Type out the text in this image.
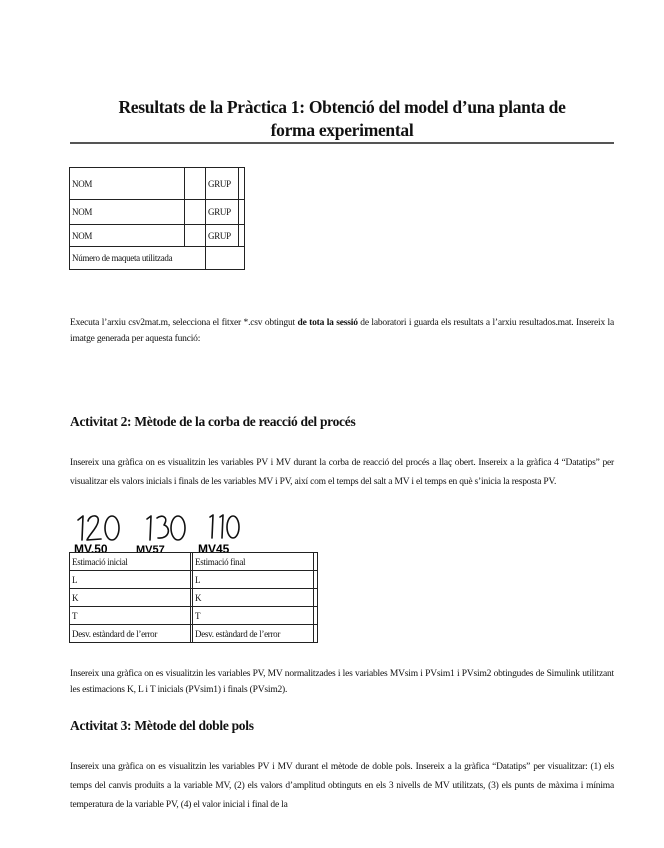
Resultats de la Pràctica 1: Obtenció del model d’una planta de
forma experimental
NOM		GRUP	
NOM		GRUP	
NOM		GRUP	
Número de maqueta utilitzada			
Executa l’arxiu csv2mat.m, selecciona el fitxer *.csv obtingut de tota la sessió de laboratori i guarda els resultats a l’arxiu resultados.mat. Insereix la imatge generada per aquesta funció:
Activitat 2: Mètode de la corba de reacció del procés
Insereix una gràfica on es visualitzin les variables PV i MV durant la corba de reacció del procés a llaç obert. Insereix a la gràfica 4 “Datatips” per visualitzar els valors inicials i finals de les variables MV i PV, així com el temps del salt a MV i el temps en què s’inicia la resposta PV.
MV.50	MV57	MV45
Estimació inicial		Estimació final	
L		L	
K		K	
T		T	
Desv. estàndard de l’error		Desv. estàndard de l’error	
Insereix una gràfica on es visualitzin les variables PV, MV normalitzades i les variables MVsim i PVsim1 i PVsim2 obtingudes de Simulink utilitzant les estimacions K, L i T inicials (PVsim1) i finals (PVsim2).
Activitat 3: Mètode del doble pols
Insereix una gràfica on es visualitzin les variables PV i MV durant el mètode de doble pols. Insereix a la gràfica “Datatips” per visualitzar: (1) els temps del canvis produïts a la variable MV, (2) els valors d’amplitud obtinguts en els 3 nivells de MV utilitzats, (3) els punts de màxima i mínima temperatura de la variable PV, (4) el valor inicial i final de la
